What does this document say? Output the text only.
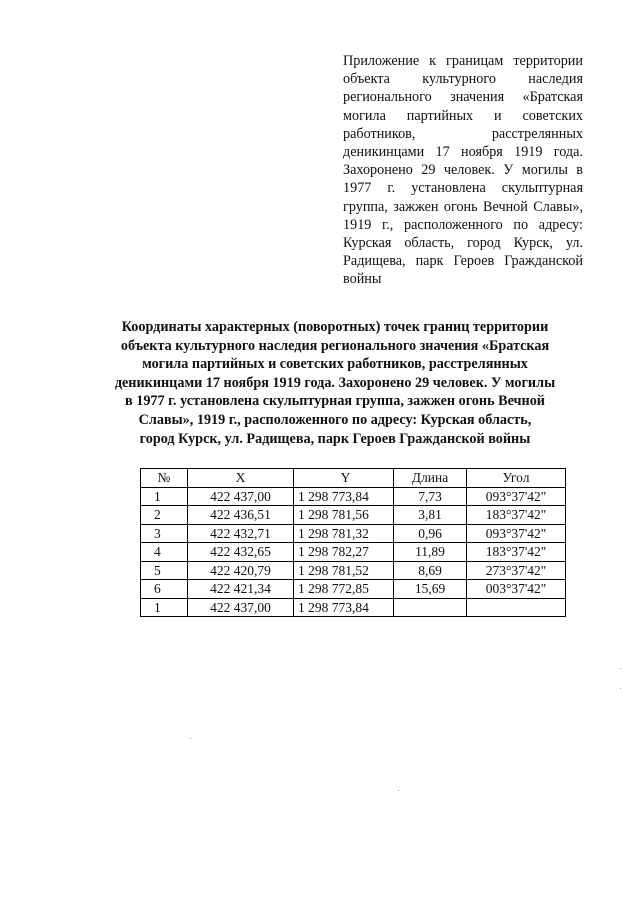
Приложение к границам территории объекта культурного наследия регионального значения «Братская могила партийных и советских работников, расстрелянных деникинцами 17 ноября 1919 года. Захоронено 29 человек. У могилы в 1977 г. установлена скульптурная группа, зажжен огонь Вечной Славы», 1919 г., расположенного по адресу: Курская область, город Курск, ул. Радищева, парк Героев Гражданской войны
Координаты характерных (поворотных) точек границ территории
объекта культурного наследия регионального значения «Братская
могила партийных и советских работников, расстрелянных
деникинцами 17 ноября 1919 года. Захоронено 29 человек. У могилы
в 1977 г. установлена скульптурная группа, зажжен огонь Вечной
Славы», 1919 г., расположенного по адресу: Курская область,
город Курск, ул. Радищева, парк Героев Гражданской войны
№	X	Y	Длина	Угол
1	422 437,00	1 298 773,84	7,73	093°37'42"
2	422 436,51	1 298 781,56	3,81	183°37'42"
3	422 432,71	1 298 781,32	0,96	093°37'42"
4	422 432,65	1 298 782,27	11,89	183°37'42"
5	422 420,79	1 298 781,52	8,69	273°37'42"
6	422 421,34	1 298 772,85	15,69	003°37'42"
1	422 437,00	1 298 773,84		
